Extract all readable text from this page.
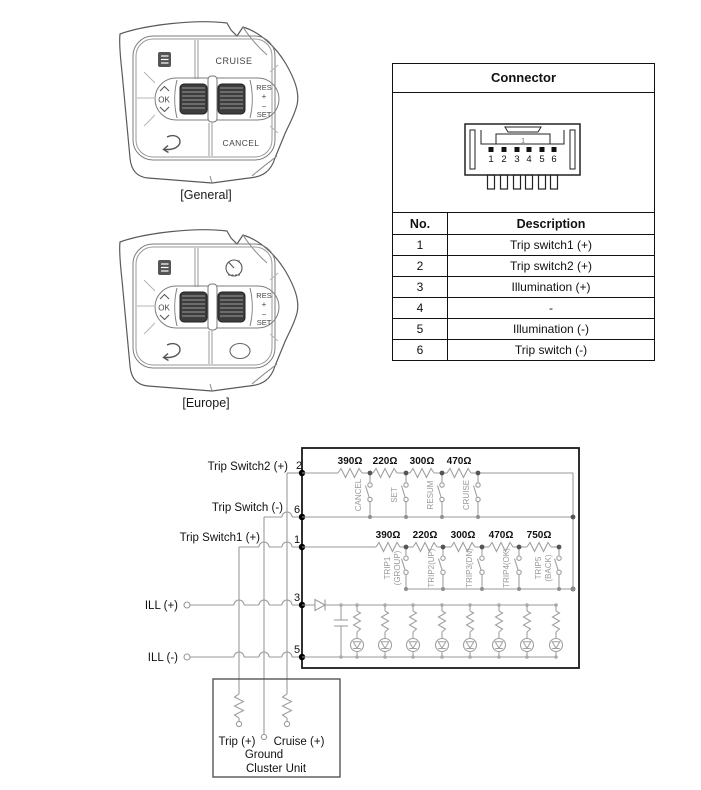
CRUISE
OK
RES
+
−
SET
CANCEL
[General]
OK
RES
+
−
SET
[Europe]
Connector
1
1 2 3 4 5 6
No.	Description
1	Trip switch1 (+)
2	Trip switch2 (+)
3	Illumination (+)
4	-
5	Illumination (-)
6	Trip switch (-)
Trip Switch2 (+)
Trip Switch (-)
Trip Switch1 (+)
ILL (+)
ILL (-)
2
6
1
3
5
390Ω 220Ω 300Ω 470Ω
CANCEL	SET	RESUM	CRUISE
390Ω 220Ω 300Ω 470Ω 750Ω
TRIP1 (GROUP)	TRIP2(UP)	TRIP3(DN)	TRIP4(OK)	TRIP5 (BACK)
Trip (+) Cruise (+)
Ground
Cluster Unit
